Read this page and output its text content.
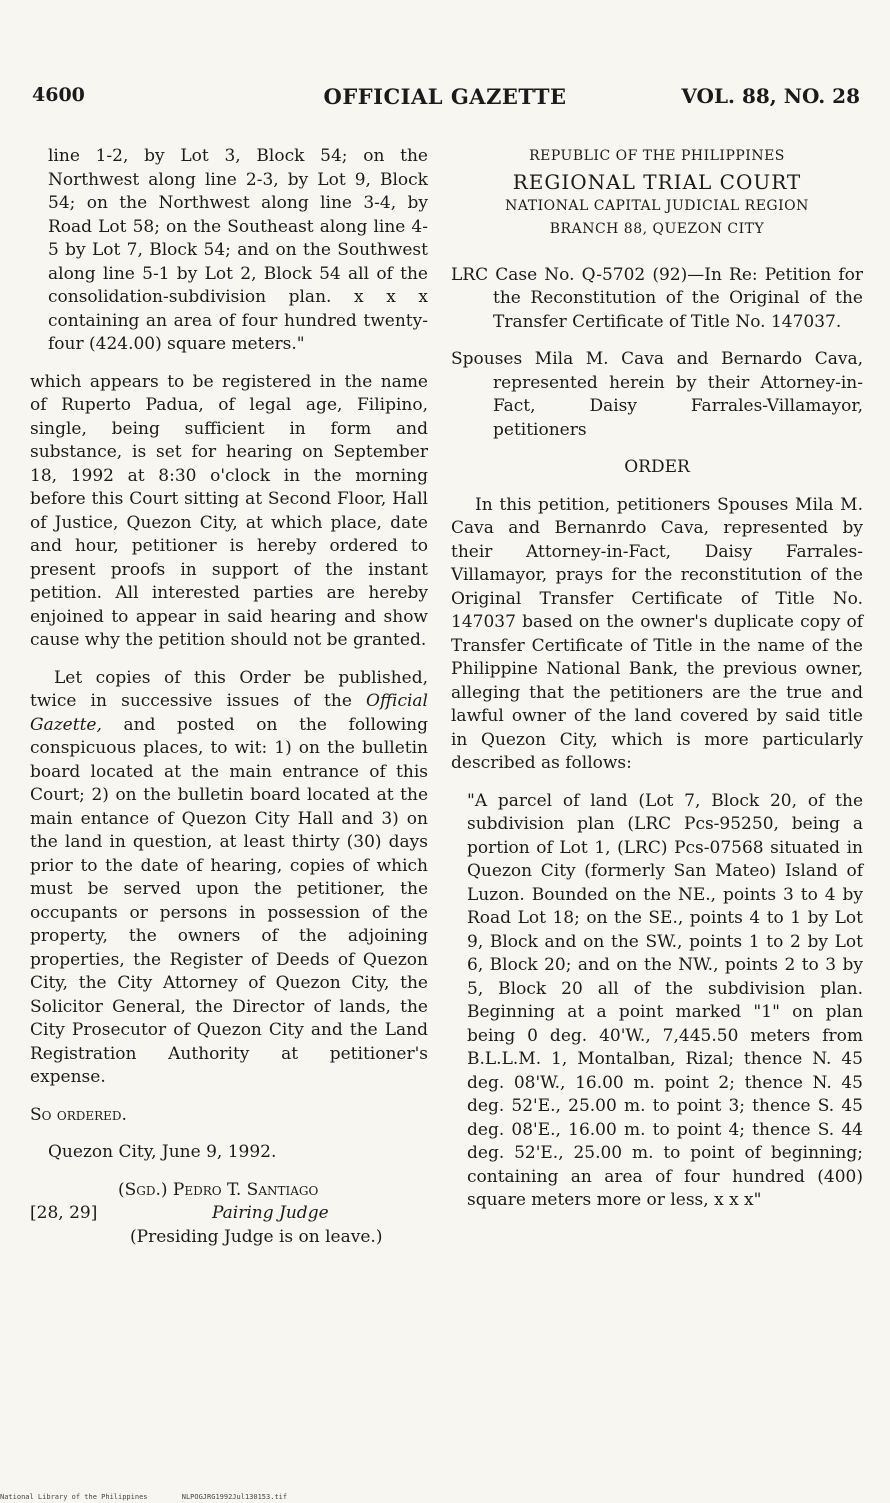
4600	OFFICIAL GAZETTE	VOL. 88, NO. 28

line 1-2, by Lot 3, Block 54; on the Northwest along line 2-3, by Lot 9, Block 54; on the Northwest along line 3-4, by Road Lot 58; on the Southeast along line 4-5 by Lot 7, Block 54; and on the Southwest along line 5-1 by Lot 2, Block 54 all of the consolidation-subdivision plan. x x x containing an area of four hundred twenty-four (424.00) square meters."

which appears to be registered in the name of Ruperto Padua, of legal age, Filipino, single, being sufficient in form and substance, is set for hearing on September 18, 1992 at 8:30 o'clock in the morning before this Court sitting at Second Floor, Hall of Justice, Quezon City, at which place, date and hour, petitioner is hereby ordered to present proofs in support of the instant petition. All interested parties are hereby enjoined to appear in said hearing and show cause why the petition should not be granted.

Let copies of this Order be published, twice in successive issues of the Official Gazette, and posted on the following conspicuous places, to wit: 1) on the bulletin board located at the main entrance of this Court; 2) on the bulletin board located at the main entance of Quezon City Hall and 3) on the land in question, at least thirty (30) days prior to the date of hearing, copies of which must be served upon the petitioner, the occupants or persons in possession of the property, the owners of the adjoining properties, the Register of Deeds of Quezon City, the City Attorney of Quezon City, the Solicitor General, the Director of lands, the City Prosecutor of Quezon City and the Land Registration Authority at petitioner's expense.

So ordered.

Quezon City, June 9, 1992.

(Sgd.) Pedro T. Santiago

[28, 29]	Pairing Judge

(Presiding Judge is on leave.)

REPUBLIC OF THE PHILIPPINES
REGIONAL TRIAL COURT
NATIONAL CAPITAL JUDICIAL REGION
BRANCH 88, QUEZON CITY

LRC Case No. Q-5702 (92)—In Re: Petition for the Reconstitution of the Original of the Transfer Certificate of Title No. 147037.

Spouses Mila M. Cava and Bernardo Cava, represented herein by their Attorney-in-Fact, Daisy Farrales-Villamayor, petitioners

ORDER

In this petition, petitioners Spouses Mila M. Cava and Bernanrdo Cava, represented by their Attorney-in-Fact, Daisy Farrales-Villamayor, prays for the reconstitution of the Original Transfer Certificate of Title No. 147037 based on the owner's duplicate copy of Transfer Certificate of Title in the name of the Philippine National Bank, the previous owner, alleging that the petitioners are the true and lawful owner of the land covered by said title in Quezon City, which is more particularly described as follows:

"A parcel of land (Lot 7, Block 20, of the subdivision plan (LRC Pcs-95250, being a portion of Lot 1, (LRC) Pcs-07568 situated in Quezon City (formerly San Mateo) Island of Luzon. Bounded on the NE., points 3 to 4 by Road Lot 18; on the SE., points 4 to 1 by Lot 9, Block and on the SW., points 1 to 2 by Lot 6, Block 20; and on the NW., points 2 to 3 by 5, Block 20 all of the subdivision plan. Beginning at a point marked "1" on plan being 0 deg. 40'W., 7,445.50 meters from B.L.L.M. 1, Montalban, Rizal; thence N. 45 deg. 08'W., 16.00 m. point 2; thence N. 45 deg. 52'E., 25.00 m. to point 3; thence S. 45 deg. 08'E., 16.00 m. to point 4; thence S. 44 deg. 52'E., 25.00 m. to point of beginning; containing an area of four hundred (400) square meters more or less, x x x"

National Library of the Philippines	NLPOGJRG1992Jul130153.tif
